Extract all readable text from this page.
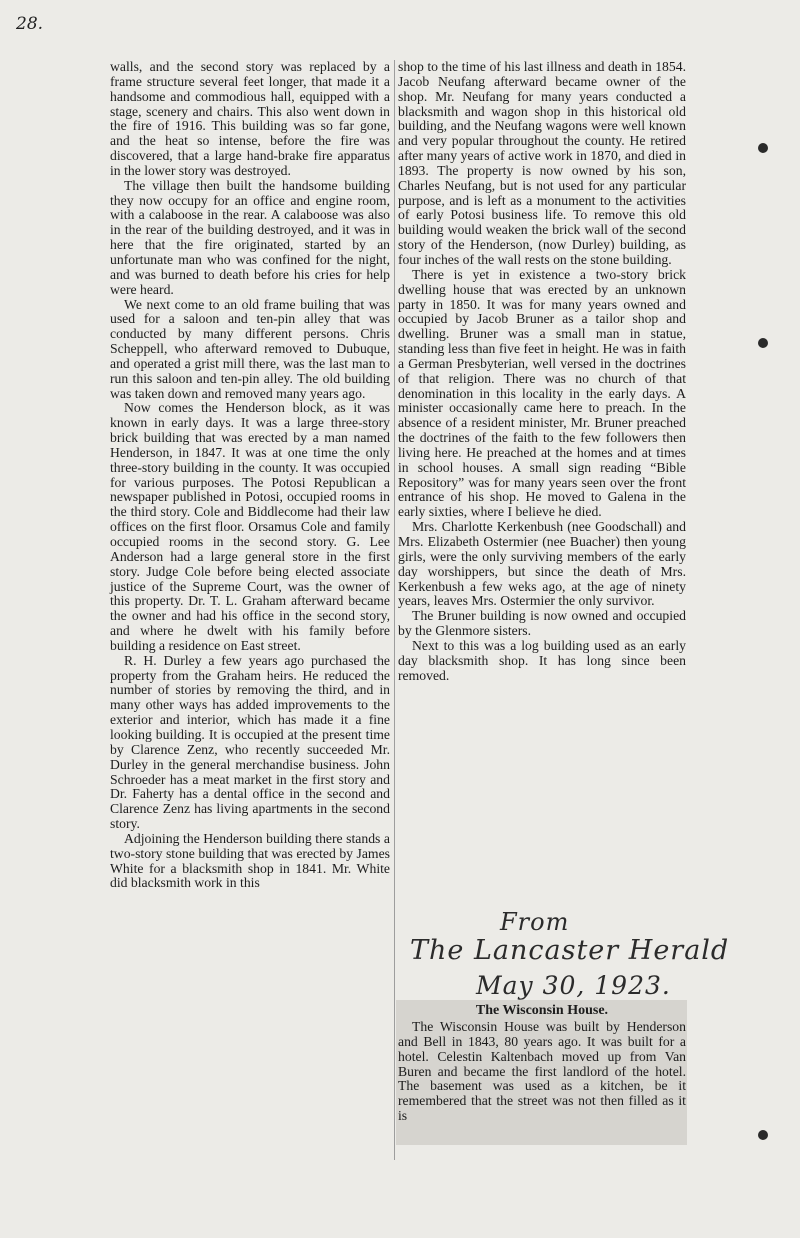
28.

walls, and the second story was replaced by a frame structure several feet longer, that made it a handsome and commodious hall, equipped with a stage, scenery and chairs. This also went down in the fire of 1916. This building was so far gone, and the heat so intense, before the fire was discovered, that a large hand-brake fire apparatus in the lower story was destroyed.

The village then built the handsome building they now occupy for an office and engine room, with a calaboose in the rear. A calaboose was also in the rear of the building destroyed, and it was in here that the fire originated, started by an unfortunate man who was confined for the night, and was burned to death before his cries for help were heard.

We next come to an old frame builing that was used for a saloon and ten-pin alley that was conducted by many different persons. Chris Scheppell, who afterward removed to Dubuque, and operated a grist mill there, was the last man to run this saloon and ten-pin alley. The old building was taken down and removed many years ago.

Now comes the Henderson block, as it was known in early days. It was a large three-story brick building that was erected by a man named Henderson, in 1847. It was at one time the only three-story building in the county. It was occupied for various purposes. The Potosi Republican a newspaper published in Potosi, occupied rooms in the third story. Cole and Biddlecome had their law offices on the first floor. Orsamus Cole and family occupied rooms in the second story. G. Lee Anderson had a large general store in the first story. Judge Cole before being elected associate justice of the Supreme Court, was the owner of this property. Dr. T. L. Graham afterward became the owner and had his office in the second story, and where he dwelt with his family before building a residence on East street.

R. H. Durley a few years ago purchased the property from the Graham heirs. He reduced the number of stories by removing the third, and in many other ways has added improvements to the exterior and interior, which has made it a fine looking building. It is occupied at the present time by Clarence Zenz, who recently succeeded Mr. Durley in the general merchandise business. John Schroeder has a meat market in the first story and Dr. Faherty has a dental office in the second and Clarence Zenz has living apartments in the second story.

Adjoining the Henderson building there stands a two-story stone building that was erected by James White for a blacksmith shop in 1841. Mr. White did blacksmith work in this

shop to the time of his last illness and death in 1854. Jacob Neufang afterward became owner of the shop. Mr. Neufang for many years conducted a blacksmith and wagon shop in this historical old building, and the Neufang wagons were well known and very popular throughout the county. He retired after many years of active work in 1870, and died in 1893. The property is now owned by his son, Charles Neufang, but is not used for any particular purpose, and is left as a monument to the activities of early Potosi business life. To remove this old building would weaken the brick wall of the second story of the Henderson, (now Durley) building, as four inches of the wall rests on the stone building.

There is yet in existence a two-story brick dwelling house that was erected by an unknown party in 1850. It was for many years owned and occupied by Jacob Bruner as a tailor shop and dwelling. Bruner was a small man in statue, standing less than five feet in height. He was in faith a German Presbyterian, well versed in the doctrines of that religion. There was no church of that denomination in this locality in the early days. A minister occasionally came here to preach. In the absence of a resident minister, Mr. Bruner preached the doctrines of the faith to the few followers then living here. He preached at the homes and at times in school houses. A small sign reading “Bible Repository” was for many years seen over the front entrance of his shop. He moved to Galena in the early sixties, where I believe he died.

Mrs. Charlotte Kerkenbush (nee Goodschall) and Mrs. Elizabeth Ostermier (nee Buacher) then young girls, were the only surviving members of the early day worshippers, but since the death of Mrs. Kerkenbush a few weks ago, at the age of ninety years, leaves Mrs. Ostermier the only survivor.

The Bruner building is now owned and occupied by the Glenmore sisters.

Next to this was a log building used as an early day blacksmith shop. It has long since been removed.

From
The Lancaster Herald
May 30, 1923.

The Wisconsin House.

The Wisconsin House was built by Henderson and Bell in 1843, 80 years ago. It was built for a hotel. Celestin Kaltenbach moved up from Van Buren and became the first landlord of the hotel. The basement was used as a kitchen, be it remembered that the street was not then filled as it is
